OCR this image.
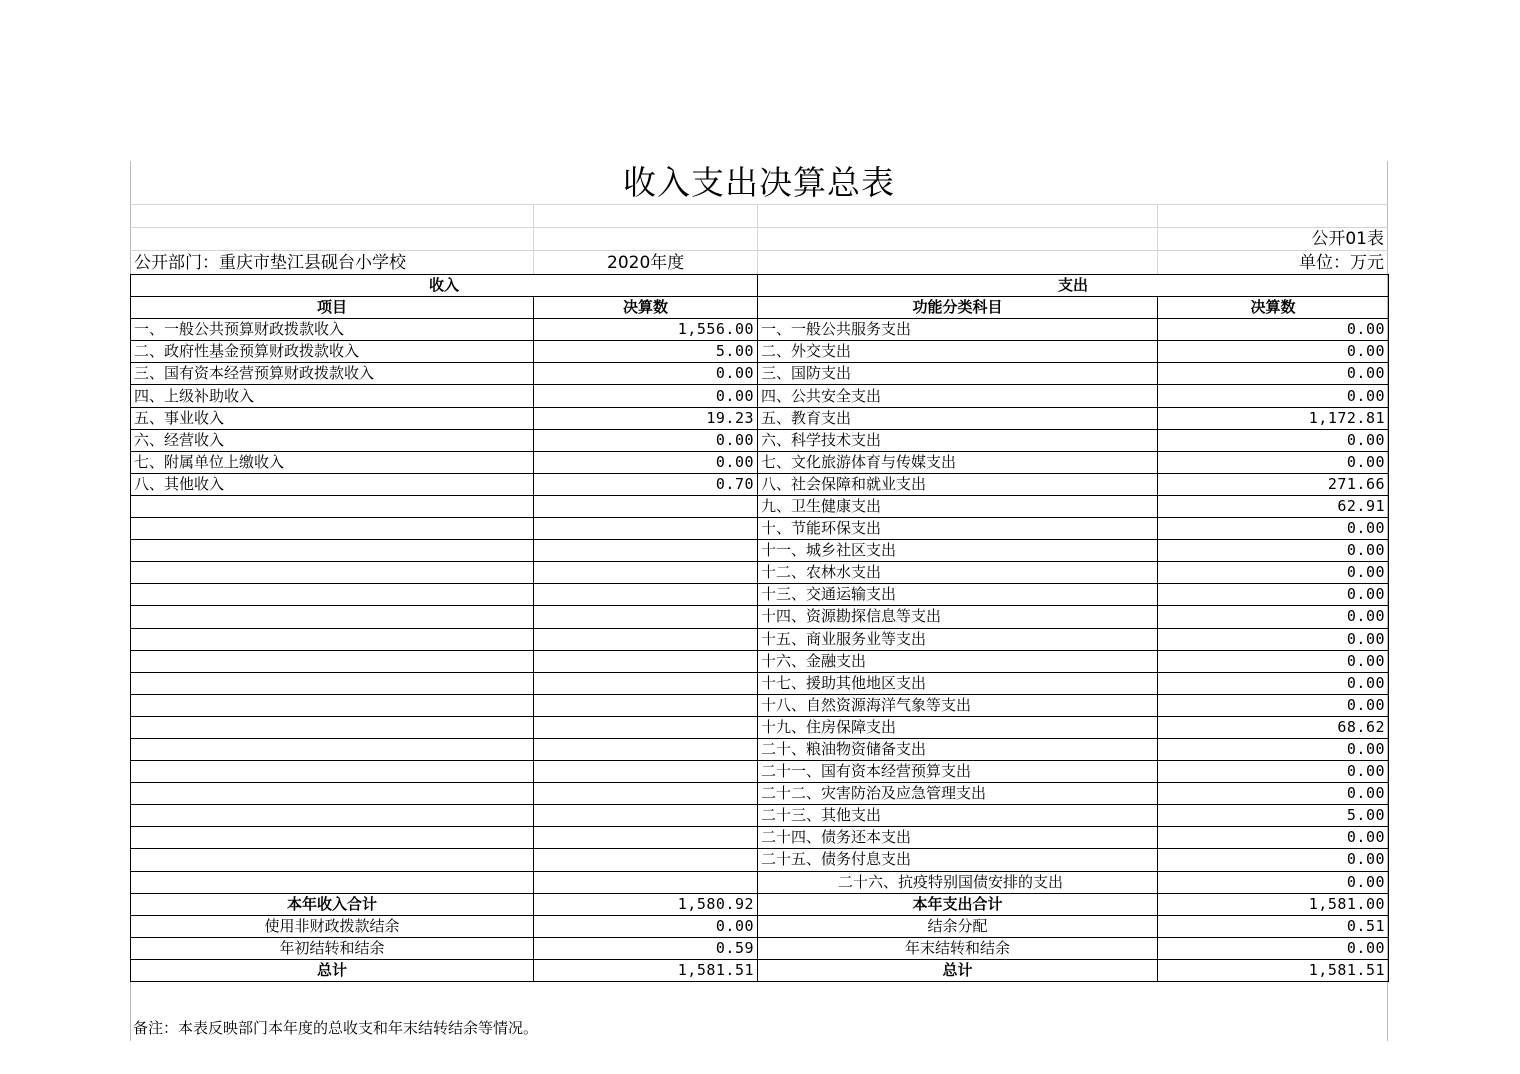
收入支出决算总表
公开01表
公开部门：重庆市垫江县砚台小学校	2020年度	单位：万元
收入		支出	
项目	决算数	功能分类科目	决算数
一、一般公共预算财政拨款收入	1,556.00	一、一般公共服务支出	0.00
二、政府性基金预算财政拨款收入	5.00	二、外交支出	0.00
三、国有资本经营预算财政拨款收入	0.00	三、国防支出	0.00
四、上级补助收入	0.00	四、公共安全支出	0.00
五、事业收入	19.23	五、教育支出	1,172.81
六、经营收入	0.00	六、科学技术支出	0.00
七、附属单位上缴收入	0.00	七、文化旅游体育与传媒支出	0.00
八、其他收入	0.70	八、社会保障和就业支出	271.66
		九、卫生健康支出	62.91
		十、节能环保支出	0.00
		十一、城乡社区支出	0.00
		十二、农林水支出	0.00
		十三、交通运输支出	0.00
		十四、资源勘探信息等支出	0.00
		十五、商业服务业等支出	0.00
		十六、金融支出	0.00
		十七、援助其他地区支出	0.00
		十八、自然资源海洋气象等支出	0.00
		十九、住房保障支出	68.62
		二十、粮油物资储备支出	0.00
		二十一、国有资本经营预算支出	0.00
		二十二、灾害防治及应急管理支出	0.00
		二十三、其他支出	5.00
		二十四、债务还本支出	0.00
		二十五、债务付息支出	0.00
		二十六、抗疫特别国债安排的支出	0.00
本年收入合计	1,580.92	本年支出合计	1,581.00
使用非财政拨款结余	0.00	结余分配	0.51
年初结转和结余	0.59	年末结转和结余	0.00
总计	1,581.51	总计	1,581.51
备注：本表反映部门本年度的总收支和年末结转结余等情况。
